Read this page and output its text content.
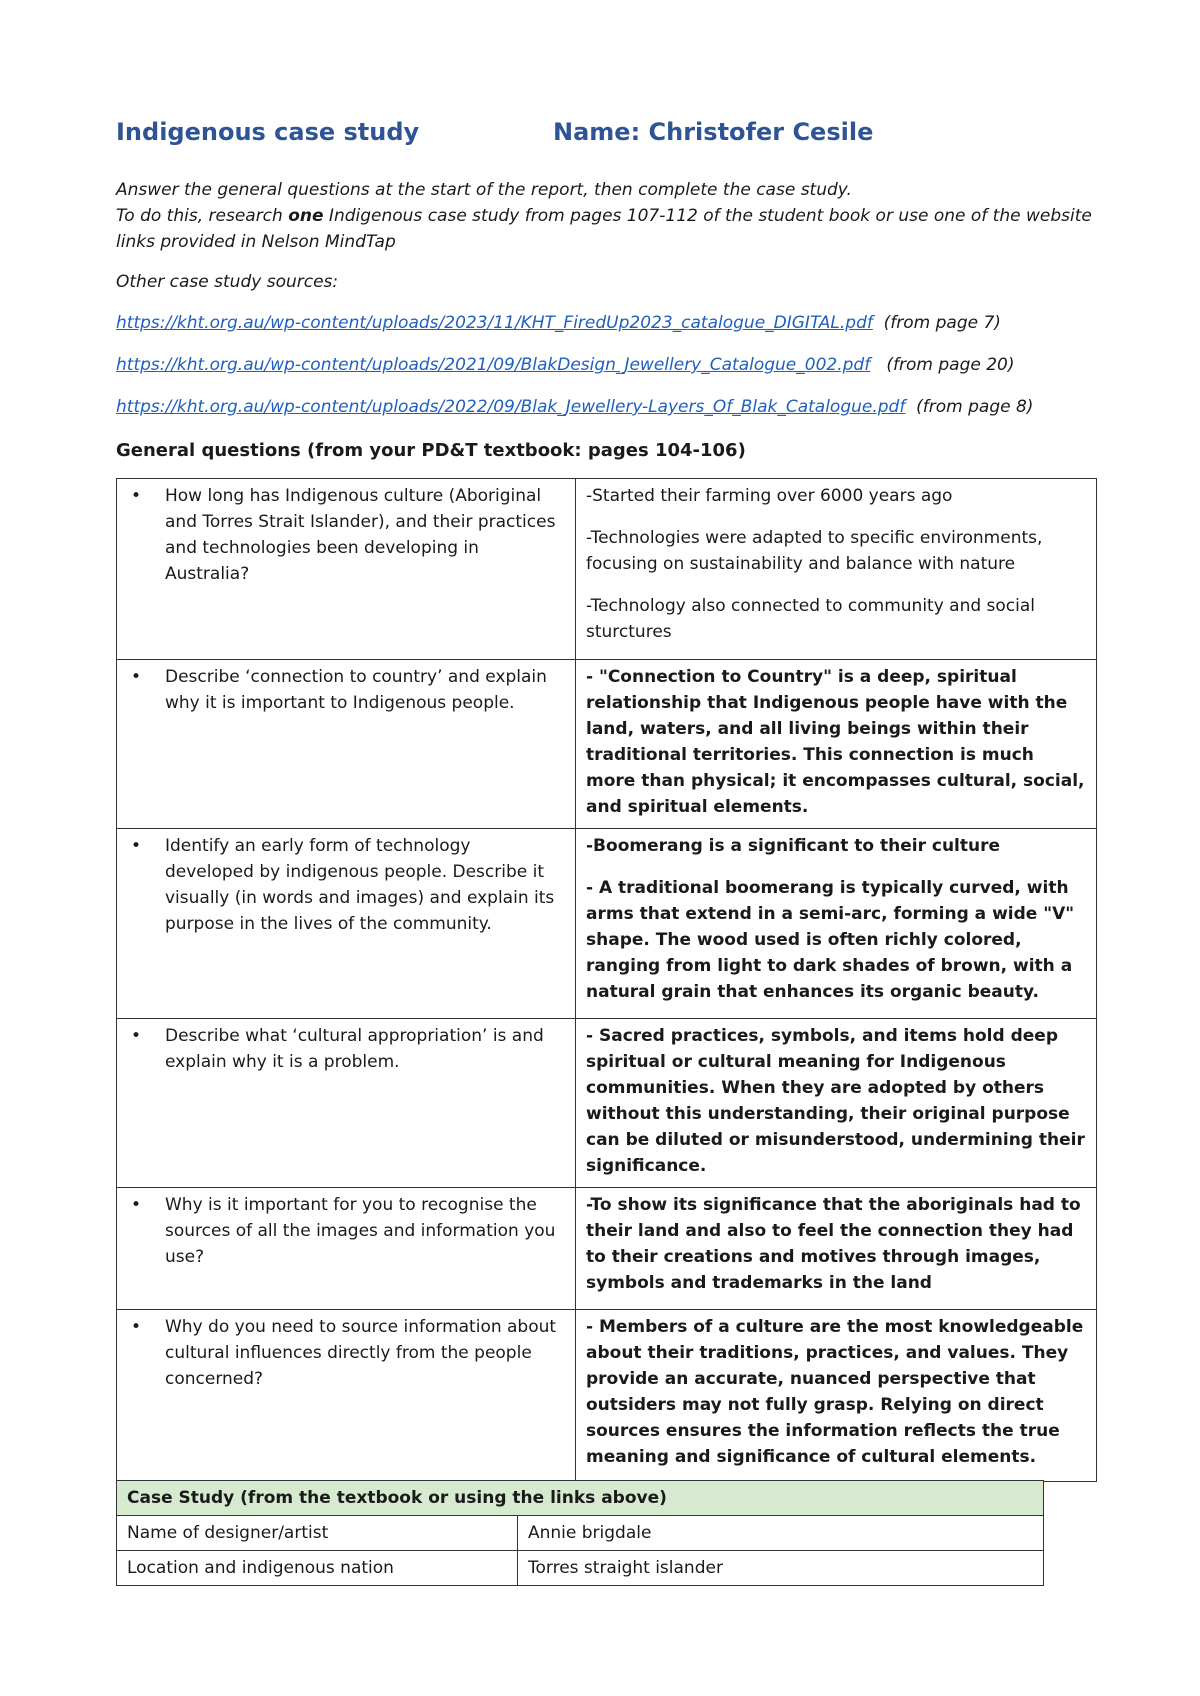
Indigenous case study	Name: Christofer Cesile
Answer the general questions at the start of the report, then complete the case study.
To do this, research one Indigenous case study from pages 107-112 of the student book or use one of the website links provided in Nelson MindTap
Other case study sources:
https://kht.org.au/wp-content/uploads/2023/11/KHT_FiredUp2023_catalogue_DIGITAL.pdf (from page 7)
https://kht.org.au/wp-content/uploads/2021/09/BlakDesign_Jewellery_Catalogue_002.pdf (from page 20)
https://kht.org.au/wp-content/uploads/2022/09/Blak_Jewellery-Layers_Of_Blak_Catalogue.pdf (from page 8)
General questions (from your PD&T textbook: pages 104-106)
• How long has Indigenous culture (Aboriginal and Torres Strait Islander), and their practices and technologies been developing in Australia?	-Started their farming over 6000 years ago

-Technologies were adapted to specific environments, focusing on sustainability and balance with nature

-Technology also connected to community and social sturctures

• Describe ‘connection to country’ and explain why it is important to Indigenous people.	- "Connection to Country" is a deep, spiritual relationship that Indigenous people have with the land, waters, and all living beings within their traditional territories. This connection is much more than physical; it encompasses cultural, social, and spiritual elements.

• Identify an early form of technology developed by indigenous people. Describe it visually (in words and images) and explain its purpose in the lives of the community.	-Boomerang is a significant to their culture

- A traditional boomerang is typically curved, with arms that extend in a semi-arc, forming a wide "V" shape. The wood used is often richly colored, ranging from light to dark shades of brown, with a natural grain that enhances its organic beauty.

• Describe what ‘cultural appropriation’ is and explain why it is a problem.	- Sacred practices, symbols, and items hold deep spiritual or cultural meaning for Indigenous communities. When they are adopted by others without this understanding, their original purpose can be diluted or misunderstood, undermining their significance.

• Why is it important for you to recognise the sources of all the images and information you use?	-To show its significance that the aboriginals had to their land and also to feel the connection they had to their creations and motives through images, symbols and trademarks in the land

• Why do you need to source information about cultural influences directly from the people concerned?	- Members of a culture are the most knowledgeable about their traditions, practices, and values. They provide an accurate, nuanced perspective that outsiders may not fully grasp. Relying on direct sources ensures the information reflects the true meaning and significance of cultural elements.

Case Study (from the textbook or using the links above)	
Name of designer/artist	Annie brigdale
Location and indigenous nation	Torres straight islander
